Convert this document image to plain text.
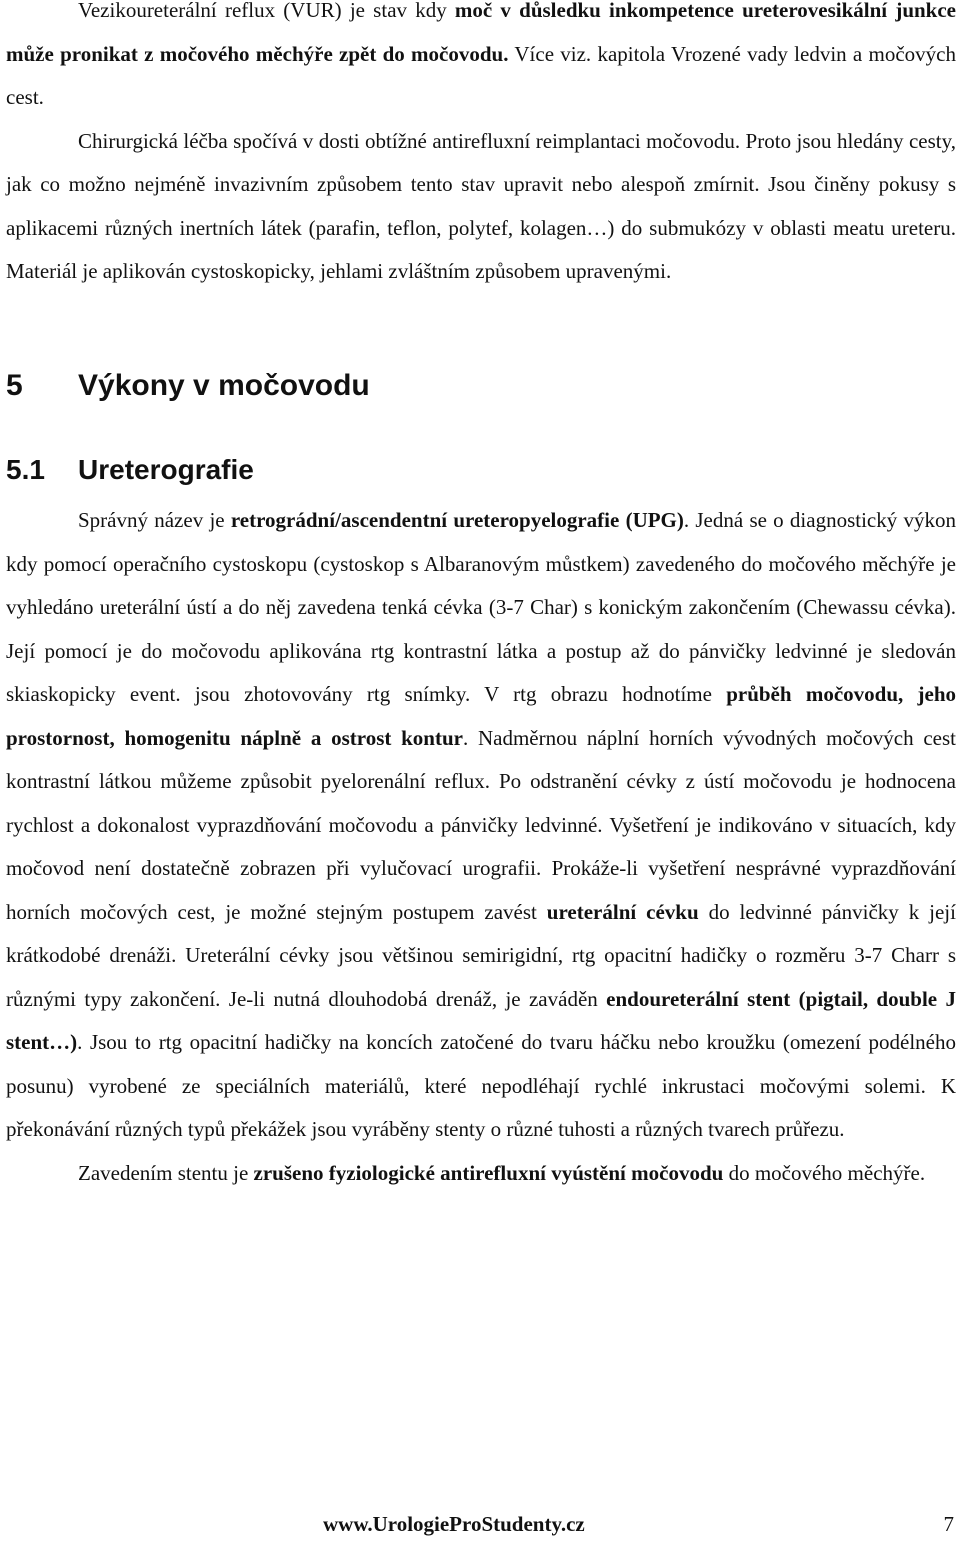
Vezikoureterální reflux (VUR) je stav kdy moč v důsledku inkompetence ureterovesikální junkce může pronikat z močového měchýře zpět do močovodu. Více viz. kapitola Vrozené vady ledvin a močových cest.

Chirurgická léčba spočívá v dosti obtížné antirefluxní reimplantaci močovodu. Proto jsou hledány cesty, jak co možno nejméně invazivním způsobem tento stav upravit nebo alespoň zmírnit. Jsou činěny pokusy s aplikacemi různých inertních látek (parafin, teflon, polytef, kolagen…) do submukózy v oblasti meatu ureteru. Materiál je aplikován cystoskopicky, jehlami zvláštním způsobem upravenými.

5 Výkony v močovodu
5.1 Ureterografie

Správný název je retrográdní/ascendentní ureteropyelografie (UPG). Jedná se o diagnostický výkon kdy pomocí operačního cystoskopu (cystoskop s Albaranovým můstkem) zavedeného do močového měchýře je vyhledáno ureterální ústí a do něj zavedena tenká cévka (3-7 Char) s konickým zakončením (Chewassu cévka). Její pomocí je do močovodu aplikována rtg kontrastní látka a postup až do pánvičky ledvinné je sledován skiaskopicky event. jsou zhotovovány rtg snímky. V rtg obrazu hodnotíme průběh močovodu, jeho prostornost, homogenitu náplně a ostrost kontur. Nadměrnou náplní horních vývodných močových cest kontrastní látkou můžeme způsobit pyelorenální reflux. Po odstranění cévky z ústí močovodu je hodnocena rychlost a dokonalost vyprazdňování močovodu a pánvičky ledvinné. Vyšetření je indikováno v situacích, kdy močovod není dostatečně zobrazen při vylučovací urografii. Prokáže-li vyšetření nesprávné vyprazdňování horních močových cest, je možné stejným postupem zavést ureterální cévku do ledvinné pánvičky k její krátkodobé drenáži. Ureterální cévky jsou většinou semirigidní, rtg opacitní hadičky o rozměru 3-7 Charr s různými typy zakončení. Je-li nutná dlouhodobá drenáž, je zaváděn endoureterální stent (pigtail, double J stent…). Jsou to rtg opacitní hadičky na koncích zatočené do tvaru háčku nebo kroužku (omezení podélného posunu) vyrobené ze speciálních materiálů, které nepodléhají rychlé inkrustaci močovými solemi. K překonávání různých typů překážek jsou vyráběny stenty o různé tuhosti a různých tvarech průřezu.

Zavedením stentu je zrušeno fyziologické antirefluxní vyústění močovodu do močového měchýře.

www.UrologieProStudenty.cz	7
